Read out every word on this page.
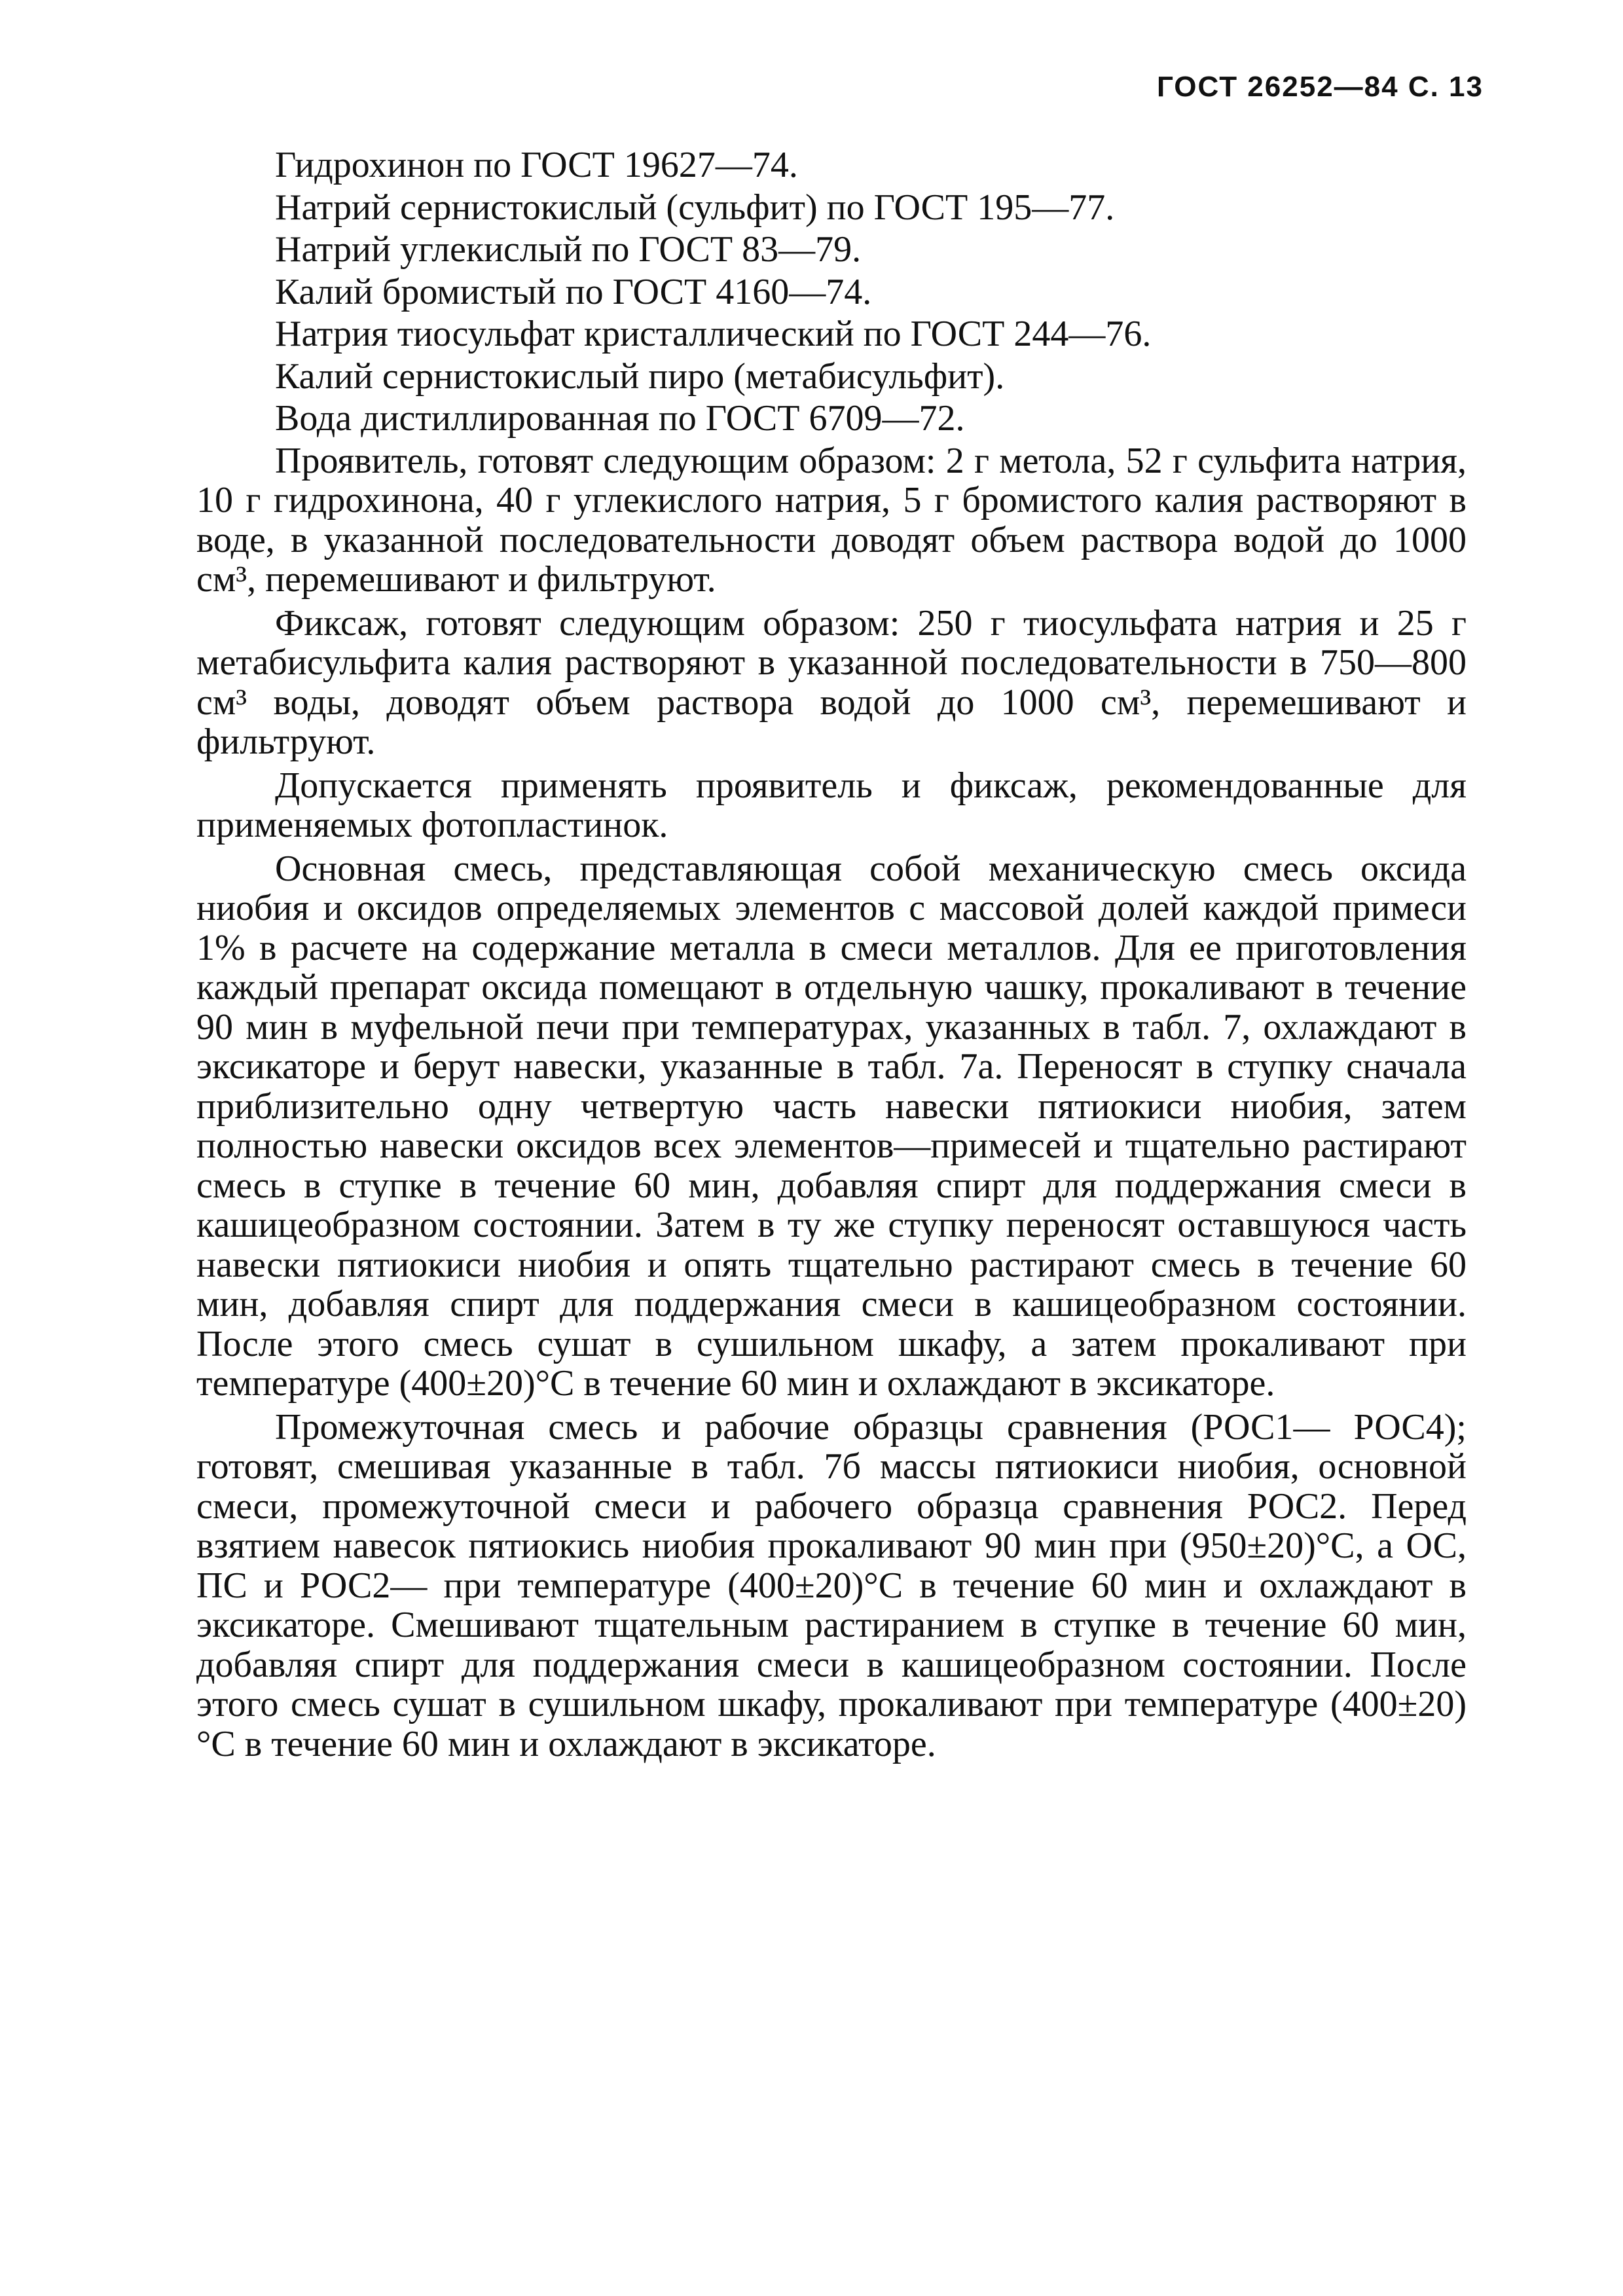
ГОСТ 26252—84 С. 13

Гидрохинон по ГОСТ 19627—74.

Натрий сернистокислый (сульфит) по ГОСТ 195—77.

Натрий углекислый по ГОСТ 83—79.

Калий бромистый по ГОСТ 4160—74.

Натрия тиосульфат кристаллический по ГОСТ 244—76.

Калий сернистокислый пиро (метабисульфит).

Вода дистиллированная по ГОСТ 6709—72.

Проявитель, готовят следующим образом: 2 г метола, 52 г сульфита натрия, 10 г гидрохинона, 40 г углекислого натрия, 5 г бромистого калия растворяют в воде, в указанной последовательности доводят объем раствора водой до 1000 см³, перемешивают и фильтруют.

Фиксаж, готовят следующим образом: 250 г тиосульфата натрия и 25 г метабисульфита калия растворяют в указанной последовательности в 750—800 см³ воды, доводят объем раствора водой до 1000 см³, перемешивают и фильтруют.

Допускается применять проявитель и фиксаж, рекомендованные для применяемых фотопластинок.

Основная смесь, представляющая собой механическую смесь оксида ниобия и оксидов определяемых элементов с массовой долей каждой примеси 1% в расчете на содержание металла в смеси металлов. Для ее приготовления каждый препарат оксида помещают в отдельную чашку, прокаливают в течение 90 мин в муфельной печи при температурах, указанных в табл. 7, охлаждают в эксикаторе и берут навески, указанные в табл. 7а. Переносят в ступку сначала приблизительно одну четвертую часть навески пятиокиси ниобия, затем полностью навески оксидов всех элементов—примесей и тщательно растирают смесь в ступке в течение 60 мин, добавляя спирт для поддержания смеси в кашицеобразном состоянии. Затем в ту же ступку переносят оставшуюся часть навески пятиокиси ниобия и опять тщательно растирают смесь в течение 60 мин, добавляя спирт для поддержания смеси в кашицеобразном состоянии. После этого смесь сушат в сушильном шкафу, а затем прокаливают при температуре (400±20)°С в течение 60 мин и охлаждают в эксикаторе.

Промежуточная смесь и рабочие образцы сравнения (РОС1— РОС4); готовят, смешивая указанные в табл. 7б массы пятиокиси ниобия, основной смеси, промежуточной смеси и рабочего образца сравнения РОС2. Перед взятием навесок пятиокись ниобия прокаливают 90 мин при (950±20)°С, а ОС, ПС и РОС2— при температуре (400±20)°С в течение 60 мин и охлаждают в эксикаторе. Смешивают тщательным растиранием в ступке в течение 60 мин, добавляя спирт для поддержания смеси в кашицеобразном состоянии. После этого смесь сушат в сушильном шкафу, прокаливают при температуре (400±20)°С в течение 60 мин и охлаждают в эксикаторе.
